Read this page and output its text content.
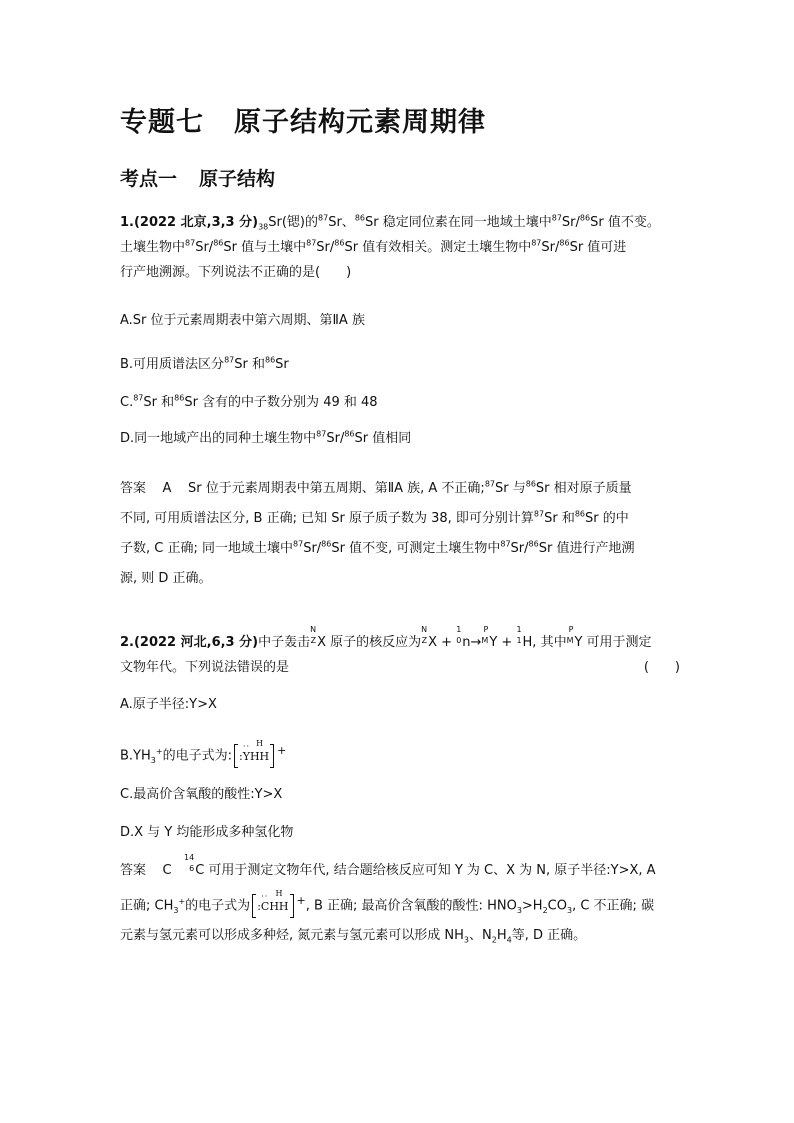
专题七 原子结构元素周期律
考点一 原子结构
1.(2022 北京,3,3 分)$_{38}Sr$(锶)的$^{87}$Sr、$^{86}$Sr 稳定同位素在同一地域土壤中$^{87}$Sr/$^{86}$Sr 值不变。
土壤生物中$^{87}$Sr/$^{86}$Sr 值与土壤中$^{87}$Sr/$^{86}$Sr 值有效相关。测定土壤生物中$^{87}$Sr/$^{86}$Sr 值可进
行产地溯源。下列说法不正确的是(　　)
A.Sr 位于元素周期表中第六周期、第ⅡA 族
B.可用质谱法区分$^{87}$Sr 和$^{86}$Sr
C.$^{87}$Sr 和$^{86}$Sr 含有的中子数分别为 49 和 48
D.同一地域产出的同种土壤生物中$^{87}$Sr/$^{86}$Sr 值相同
答案 A Sr 位于元素周期表中第五周期、第ⅡA 族, A 不正确;$^{87}$Sr 与$^{86}$Sr 相对原子质量
不同, 可用质谱法区分, B 正确; 已知 Sr 原子质子数为 38, 即可分别计算$^{87}$Sr 和$^{86}$Sr 的中
子数, C 正确; 同一地域土壤中$^{87}$Sr/$^{86}$Sr 值不变, 可测定土壤生物中$^{87}$Sr/$^{86}$Sr 值进行产地溯
源, 则 D 正确。
2.(2022 河北,6,3 分)中子轰击
N
Z X 原子的核反应为
N
Z X +
1
0 n→
P
M Y +
1
1 H, 其中
P
M Y 可用于测定
文物年代。下列说法错误的是	(　　)
A.原子半径:Y>X
$B.YH_3^+$的电子式为:
·· H
:YHH +
C.最高价含氧酸的酸性:Y>X
D.X 与 Y 均能形成多种氢化物
答案 C
14
6 C 可用于测定文物年代, 结合题给核反应可知 Y 为 C、X 为 N, 原子半径:Y>X, A
正确; $CH_3^+$的电子式为
·· H
:CHH +, B 正确; 最高价含氧酸的酸性: $HNO_3>H_2CO_3$, C 不正确; 碳
元素与氢元素可以形成多种烃, 氮元素与氢元素可以形成 $NH_3$、$N_2H_4$等, D 正确。
